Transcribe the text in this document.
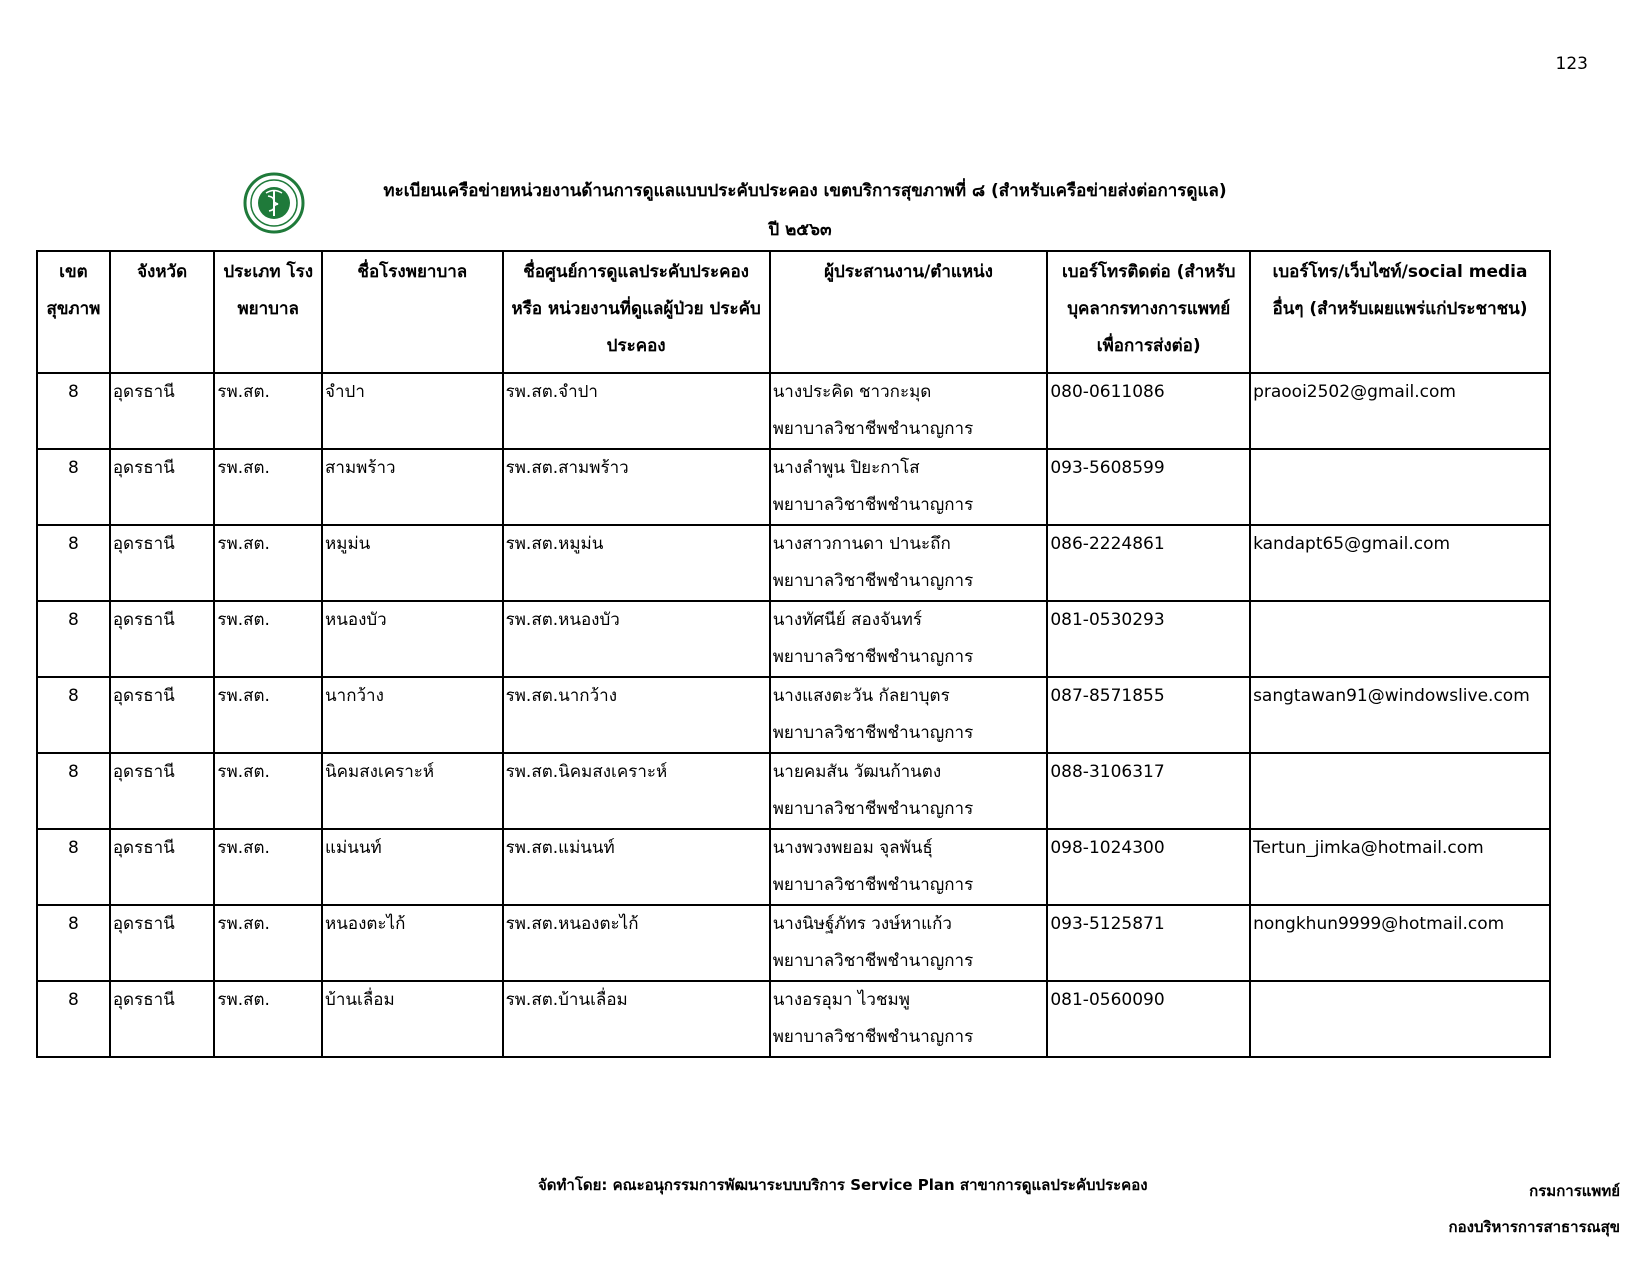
123
ทะเบียนเครือข่ายหน่วยงานด้านการดูแลแบบประคับประคอง เขตบริการสุขภาพที่ ๘ (สำหรับเครือข่ายส่งต่อการดูแล)
ปี ๒๕๖๓
เขต สุขภาพ	จังหวัด	ประเภท โรงพยาบาล	ชื่อโรงพยาบาล	ชื่อศูนย์การดูแลประคับประคอง หรือ หน่วยงานที่ดูแลผู้ป่วย ประคับประคอง	ผู้ประสานงาน/ตำแหน่ง	เบอร์โทรติดต่อ (สำหรับ บุคลากรทางการแพทย์ เพื่อการส่งต่อ)	เบอร์โทร/เว็บไซท์/social media อื่นๆ (สำหรับเผยแพร่แก่ประชาชน)
8	อุดรธานี	รพ.สต.	จำปา	รพ.สต.จำปา	นางประคิด ชาวกะมุด
พยาบาลวิชาชีพชำนาญการ	080-0611086	praooi2502@gmail.com
8	อุดรธานี	รพ.สต.	สามพร้าว	รพ.สต.สามพร้าว	นางลำพูน ปิยะกาโส
พยาบาลวิชาชีพชำนาญการ	093-5608599	
8	อุดรธานี	รพ.สต.	หมูม่น	รพ.สต.หมูม่น	นางสาวกานดา ปานะถึก
พยาบาลวิชาชีพชำนาญการ	086-2224861	kandapt65@gmail.com
8	อุดรธานี	รพ.สต.	หนองบัว	รพ.สต.หนองบัว	นางทัศนีย์ สองจันทร์
พยาบาลวิชาชีพชำนาญการ	081-0530293	
8	อุดรธานี	รพ.สต.	นากว้าง	รพ.สต.นากว้าง	นางแสงตะวัน กัลยาบุตร
พยาบาลวิชาชีพชำนาญการ	087-8571855	sangtawan91@windowslive.com
8	อุดรธานี	รพ.สต.	นิคมสงเคราะห์	รพ.สต.นิคมสงเคราะห์	นายคมสัน วัฒนก้านตง
พยาบาลวิชาชีพชำนาญการ	088-3106317	
8	อุดรธานี	รพ.สต.	แม่นนท์	รพ.สต.แม่นนท์	นางพวงพยอม จุลพันธุ์
พยาบาลวิชาชีพชำนาญการ	098-1024300	Tertun_jimka@hotmail.com
8	อุดรธานี	รพ.สต.	หนองตะไก้	รพ.สต.หนองตะไก้	นางนิษฐ์ภัทร วงษ์หาแก้ว
พยาบาลวิชาชีพชำนาญการ	093-5125871	nongkhun9999@hotmail.com
8	อุดรธานี	รพ.สต.	บ้านเลื่อม	รพ.สต.บ้านเลื่อม	นางอรอุมา ไวชมพู
พยาบาลวิชาชีพชำนาญการ	081-0560090	
จัดทำโดย: คณะอนุกรรมการพัฒนาระบบบริการ Service Plan สาขาการดูแลประคับประคอง	กรมการแพทย์
กองบริหารการสาธารณสุข
